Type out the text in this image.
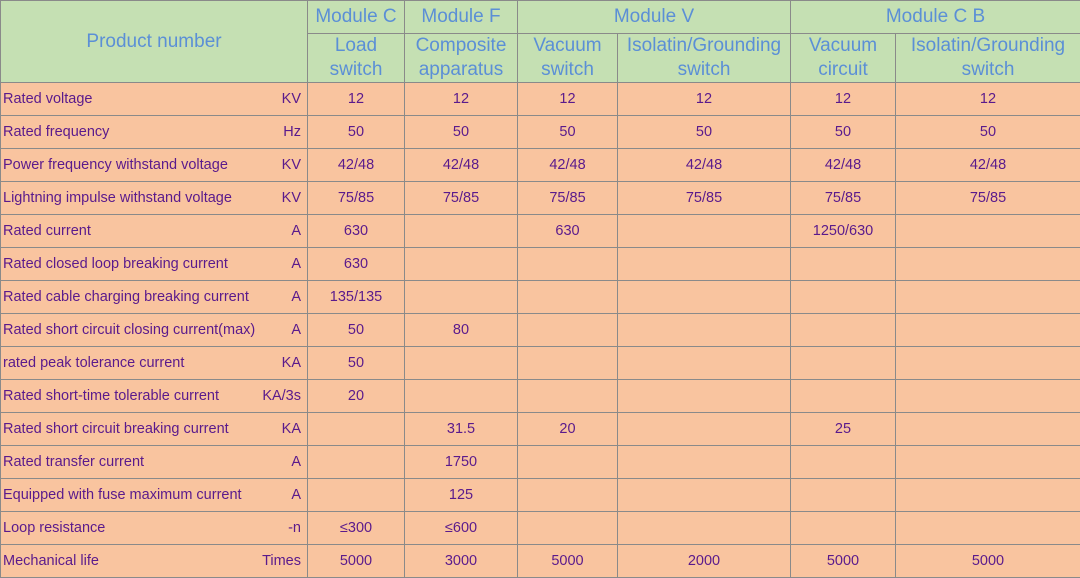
Product number	Module C	Module F	Module V		Module C B	
	Load switch	Composite apparatus	Vacuum switch	Isolatin/Grounding switch	Vacuum circuit	Isolatin/Grounding switch

Rated voltage KV	12	12	12	12	12	12

Rated frequency Hz	50	50	50	50	50	50

Power frequency withstand voltage KV	42/48	42/48	42/48	42/48	42/48	42/48

Lightning impulse withstand voltage KV	75/85	75/85	75/85	75/85	75/85	75/85

Rated current A	630		630		1250/630	

Rated closed loop breaking current A	630					

Rated cable charging breaking current A	135/135					

Rated short circuit closing current(max) A	50	80				

rated peak tolerance current KA	50					

Rated short-time tolerable current KA/3s	20					

Rated short circuit breaking current KA		31.5	20		25	

Rated transfer current A		1750				

Equipped with fuse maximum current A		125				

Loop resistance -n	≤300	≤600				

Mechanical life Times	5000	3000	5000	2000	5000	5000
